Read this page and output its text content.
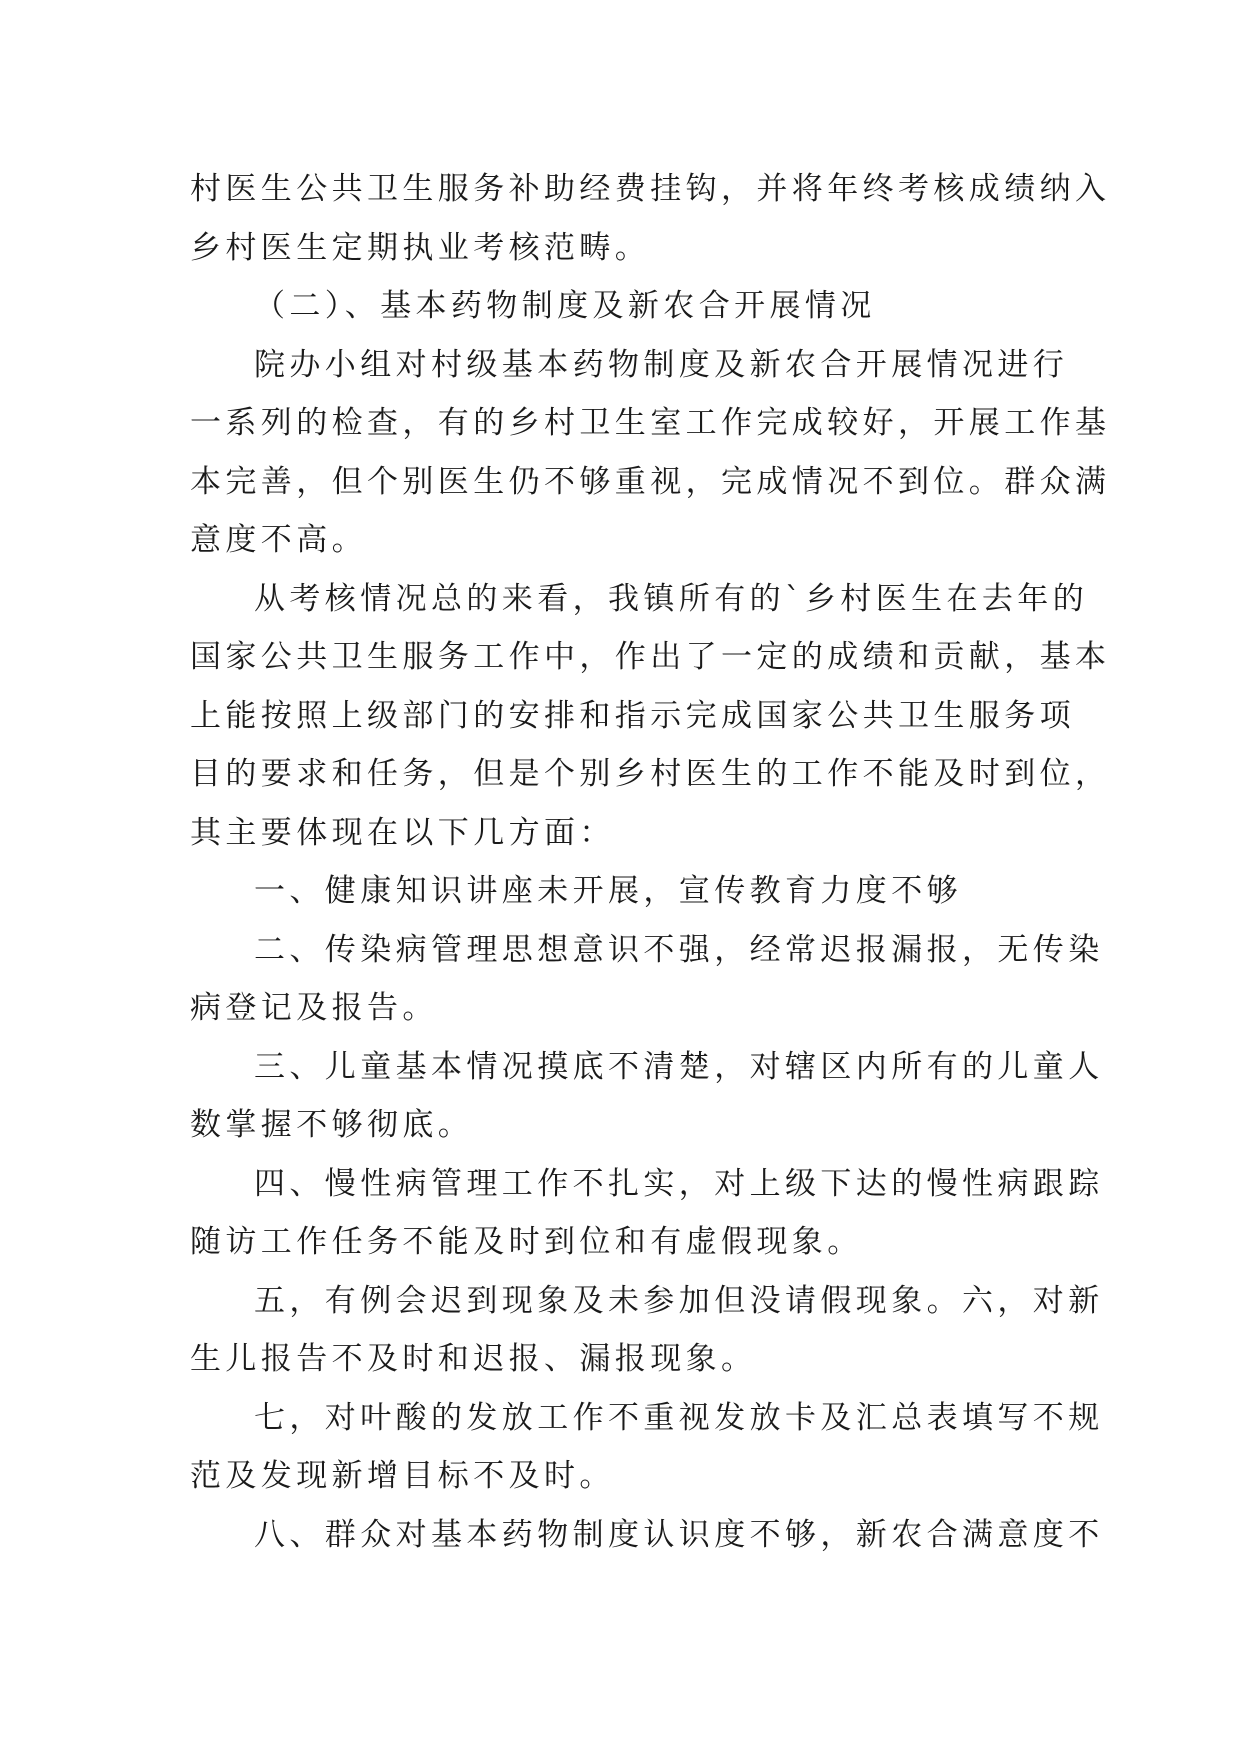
村医生公共卫生服务补助经费挂钩，并将年终考核成绩纳入
乡村医生定期执业考核范畴。
（二）、基本药物制度及新农合开展情况
院办小组对村级基本药物制度及新农合开展情况进行
一系列的检查，有的乡村卫生室工作完成较好，开展工作基
本完善，但个别医生仍不够重视，完成情况不到位。群众满
意度不高。
从考核情况总的来看，我镇所有的`乡村医生在去年的
国家公共卫生服务工作中，作出了一定的成绩和贡献，基本
上能按照上级部门的安排和指示完成国家公共卫生服务项
目的要求和任务，但是个别乡村医生的工作不能及时到位，
其主要体现在以下几方面：
一、健康知识讲座未开展，宣传教育力度不够
二、传染病管理思想意识不强，经常迟报漏报，无传染
病登记及报告。
三、儿童基本情况摸底不清楚，对辖区内所有的儿童人
数掌握不够彻底。
四、慢性病管理工作不扎实，对上级下达的慢性病跟踪
随访工作任务不能及时到位和有虚假现象。
五，有例会迟到现象及未参加但没请假现象。六，对新
生儿报告不及时和迟报、漏报现象。
七，对叶酸的发放工作不重视发放卡及汇总表填写不规
范及发现新增目标不及时。
八、群众对基本药物制度认识度不够，新农合满意度不
